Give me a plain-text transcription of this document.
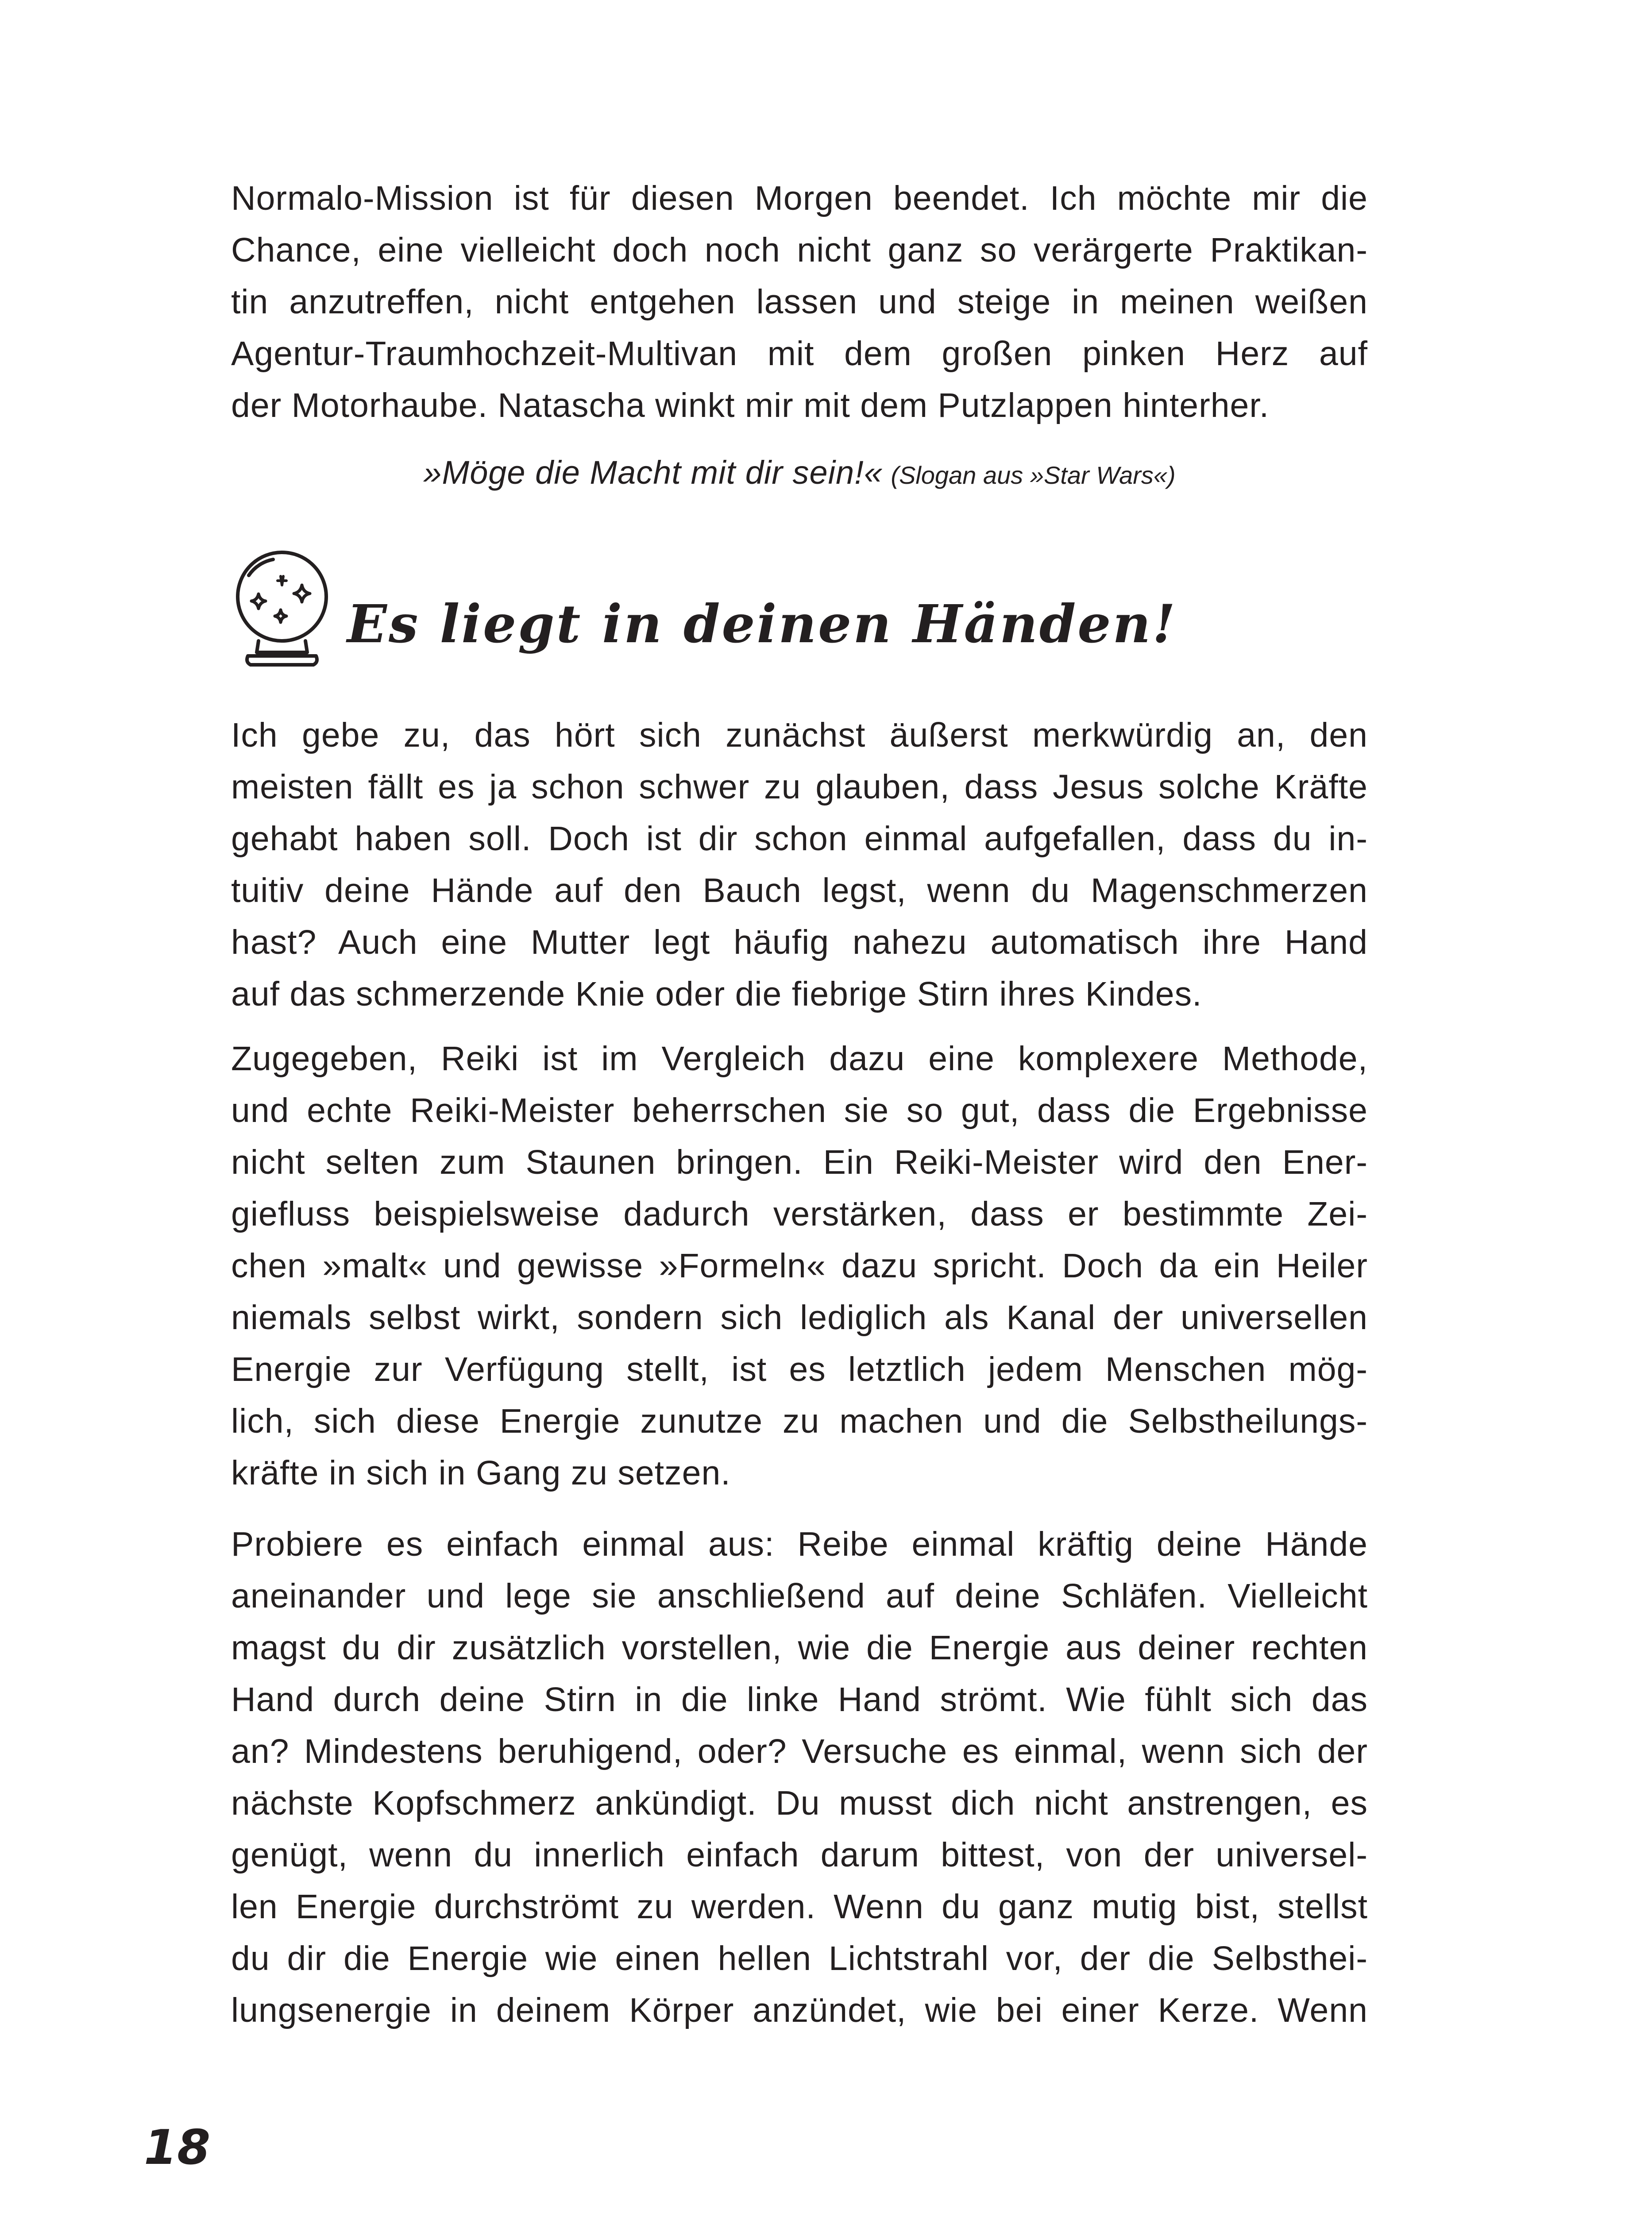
Normalo-Mission ist für diesen Morgen beendet. Ich möchte mir die
Chance, eine vielleicht doch noch nicht ganz so verärgerte Praktikan-
tin anzutreffen, nicht entgehen lassen und steige in meinen weißen
Agentur-Traumhochzeit-Multivan mit dem großen pinken Herz auf
der Motorhaube. Natascha winkt mir mit dem Putzlappen hinterher.
»Möge die Macht mit dir sein!« (Slogan aus »Star Wars«)
Es liegt in deinen Händen!
Ich gebe zu, das hört sich zunächst äußerst merkwürdig an, den
meisten fällt es ja schon schwer zu glauben, dass Jesus solche Kräfte
gehabt haben soll. Doch ist dir schon einmal aufgefallen, dass du in-
tuitiv deine Hände auf den Bauch legst, wenn du Magenschmerzen
hast? Auch eine Mutter legt häufig nahezu automatisch ihre Hand
auf das schmerzende Knie oder die fiebrige Stirn ihres Kindes.
Zugegeben, Reiki ist im Vergleich dazu eine komplexere Methode,
und echte Reiki-Meister beherrschen sie so gut, dass die Ergebnisse
nicht selten zum Staunen bringen. Ein Reiki-Meister wird den Ener-
giefluss beispielsweise dadurch verstärken, dass er bestimmte Zei-
chen »malt« und gewisse »Formeln« dazu spricht. Doch da ein Heiler
niemals selbst wirkt, sondern sich lediglich als Kanal der universellen
Energie zur Verfügung stellt, ist es letztlich jedem Menschen mög-
lich, sich diese Energie zunutze zu machen und die Selbstheilungs-
kräfte in sich in Gang zu setzen.
Probiere es einfach einmal aus: Reibe einmal kräftig deine Hände
aneinander und lege sie anschließend auf deine Schläfen. Vielleicht
magst du dir zusätzlich vorstellen, wie die Energie aus deiner rechten
Hand durch deine Stirn in die linke Hand strömt. Wie fühlt sich das
an? Mindestens beruhigend, oder? Versuche es einmal, wenn sich der
nächste Kopfschmerz ankündigt. Du musst dich nicht anstrengen, es
genügt, wenn du innerlich einfach darum bittest, von der universel-
len Energie durchströmt zu werden. Wenn du ganz mutig bist, stellst
du dir die Energie wie einen hellen Lichtstrahl vor, der die Selbsthei-
lungsenergie in deinem Körper anzündet, wie bei einer Kerze. Wenn
18
